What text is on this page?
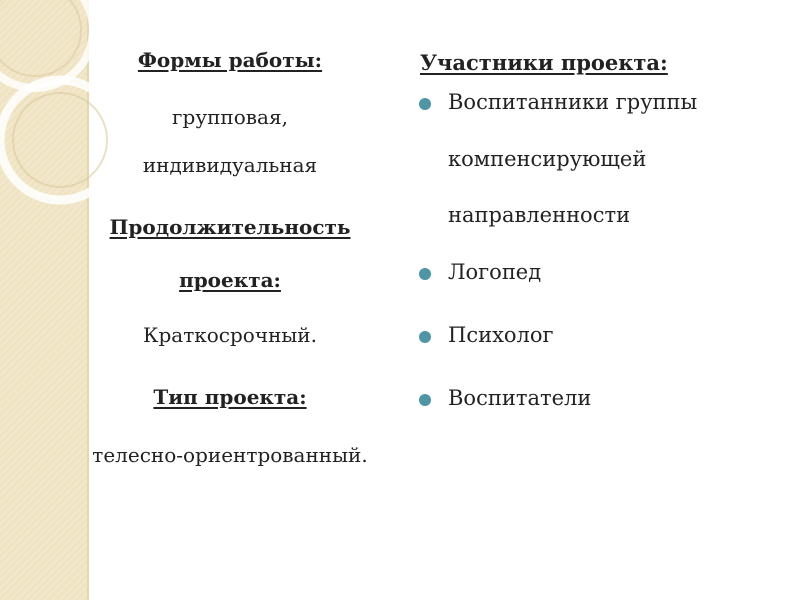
Формы работы:
групповая,
индивидуальная
Продолжительность
проекта:
Краткосрочный.
Тип проекта:
телесно-ориентрованный.
Участники проекта:
Воспитанники группы
компенсирующей
направленности
Логопед
Психолог
Воспитатели
